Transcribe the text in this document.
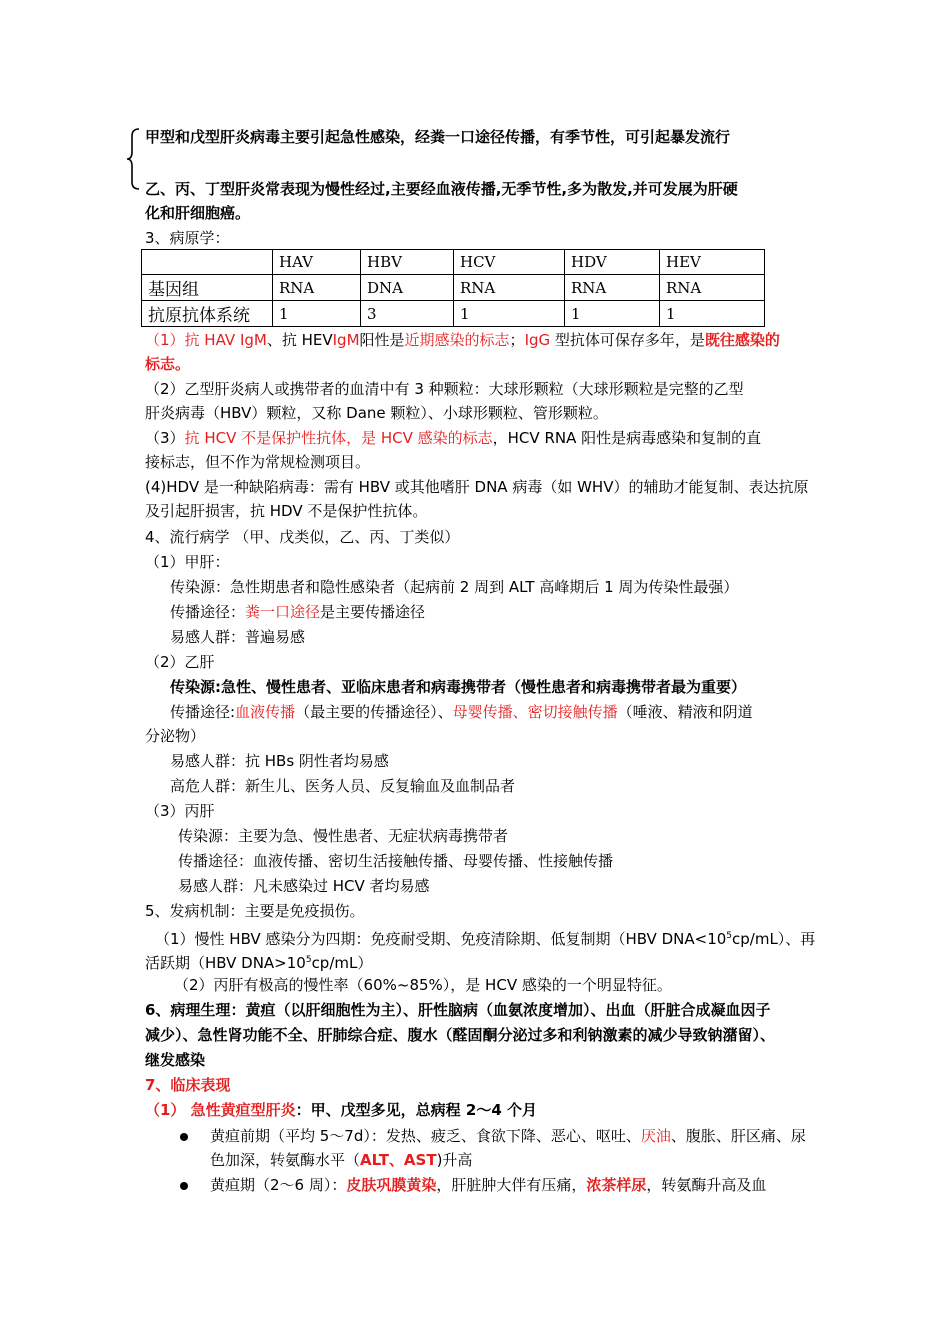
甲型和戊型肝炎病毒主要引起急性感染，经粪一口途径传播，有季节性，可引起暴发流行
乙、丙、丁型肝炎常表现为慢性经过,主要经血液传播,无季节性,多为散发,并可发展为肝硬
化和肝细胞癌。
3、病原学：
	HAV	HBV	HCV	HDV	HEV
基因组	RNA	DNA	RNA	RNA	RNA
抗原抗体系统	1	3	1	1	1
（1）抗 HAV IgM、抗 HEVIgM阳性是近期感染的标志；IgG 型抗体可保存多年，是既往感染的
标志。
（2）乙型肝炎病人或携带者的血清中有 3 种颗粒：大球形颗粒（大球形颗粒是完整的乙型
肝炎病毒（HBV）颗粒，又称 Dane 颗粒）、小球形颗粒、管形颗粒。
（3）抗 HCV 不是保护性抗体，是 HCV 感染的标志，HCV RNA 阳性是病毒感染和复制的直
接标志，但不作为常规检测项目。
(4)HDV 是一种缺陷病毒：需有 HBV 或其他嗜肝 DNA 病毒（如 WHV）的辅助才能复制、表达抗原
及引起肝损害，抗 HDV 不是保护性抗体。
4、流行病学 （甲、戊类似，乙、丙、丁类似）
（1）甲肝：
传染源：急性期患者和隐性感染者（起病前 2 周到 ALT 高峰期后 1 周为传染性最强）
传播途径：粪一口途径是主要传播途径
易感人群：普遍易感
（2）乙肝
传染源:急性、慢性患者、亚临床患者和病毒携带者（慢性患者和病毒携带者最为重要）
传播途径:血液传播（最主要的传播途径）、母婴传播、密切接触传播（唾液、精液和阴道
分泌物）
易感人群：抗 HBs 阴性者均易感
高危人群：新生儿、医务人员、反复输血及血制品者
（3）丙肝
传染源：主要为急、慢性患者、无症状病毒携带者
传播途径：血液传播、密切生活接触传播、母婴传播、性接触传播
易感人群：凡未感染过 HCV 者均易感
5、发病机制：主要是免疫损伤。
（1）慢性 HBV 感染分为四期：免疫耐受期、免疫清除期、低复制期（HBV $DNA<10^5cp/mL$）、再
活跃期（HBV $DNA>10^5cp/mL$）
（2）丙肝有极高的慢性率（60%~85%），是 HCV 感染的一个明显特征。
6、病理生理：黄疸（以肝细胞性为主）、肝性脑病（血氨浓度增加）、出血（肝脏合成凝血因子
减少）、急性肾功能不全、肝肺综合症、腹水（醛固酮分泌过多和利钠激素的减少导致钠潴留）、
继发感染
7、临床表现
（1） 急性黄疸型肝炎：甲、戊型多见，总病程 2～4 个月
黄疸前期（平均 5～7d）：发热、疲乏、食欲下降、恶心、呕吐、厌油、腹胀、肝区痛、尿
色加深，转氨酶水平（ALT、AST)升高
黄疸期（2～6 周）：皮肤巩膜黄染，肝脏肿大伴有压痛，浓茶样尿，转氨酶升高及血
